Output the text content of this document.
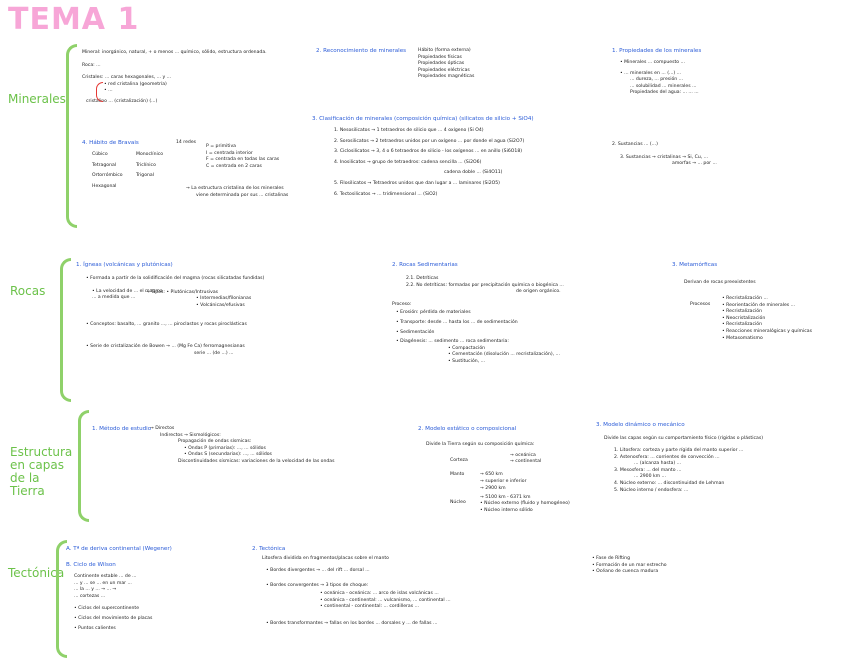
TEMA 1
Minerales
Mineral: inorgánico, natural, + o menos ... químico, sólido, estructura ordenada.
Roca: ...
Cristales: ... caras hexagonales, ... y ...
• red cristalina (geometría)
• ...
cristalino ... (cristalización) (...)
4. Hábito de Bravais
Cúbico
Tetragonal
Ortorrómbico
Hexagonal
Monoclínico
Triclínico
Trigonal
14 redes
P = primitiva
I = centrada interior
F = centrada en todas las caras
C = centrada en 2 caras
→ La estructura cristalina de los minerales
viene determinada por sus ... cristalinas
2. Reconocimiento de minerales	Hábito (forma externa)
Propiedades físicas
Propiedades ópticas
Propiedades eléctricas
Propiedades magnéticas
3. Clasificación de minerales (composición química) (silicatos de silicio + SiO4)
1. Nesosilicatos → 1 tetraedros de silicio que ... 4 oxígeno (Si O4)
2. Sorosilicatos → 2 tetraedros unidos por un oxígeno ... por donde el agua (Si2O7)
3. Ciclosilicatos → 3, 4 o 6 tetraedros de silicio - los oxígenos ... en anillo (Si6O18)
4. Inosilicatos → grupo de tetraedros: cadena sencilla ... (Si2O6)
cadena doble ... (Si4O11)
5. Filosilicatos → Tetraedros unidos que dan lugar a ... laminares (Si2O5)
6. Tectosilicatos → ... tridimensional ... (SiO2)
1. Propiedades de los minerales
• Minerales ... compuesto ...
• ... minerales en ... (...) ...
... dureza, ... presión ...
... solubilidad ... minerales ...
Propiedades del agua: ... ... ...
2. Sustancias ... (...)
3. Sustancias → cristalinas → Si, Cu, ...
amorfas → ... por ...
Rocas
1. Ígneas (volcánicas y plutónicas)
• Formada a partir de la solidificación del magma (rocas silicatadas fundidas)
• La velocidad de ... el magma
... a medida que ...
→ Tipos: • Plutónicas/Intrusivas
• Intermedias/filonianas
• Volcánicas/efusivas
• Conceptos: basalto, ... granito ..., ... piroclastos y rocas piroclásticas
• Serie de cristalización de Bowen → ... (Mg Fe Ca) ferromagnesianas
serie ... (de ...) ...
2. Rocas Sedimentarias
2.1. Detríticas
2.2. No detríticas: formadas por precipitación química o biogénica ...
de origen orgánico.
Proceso:
• Erosión: pérdida de materiales
• Transporte: desde ... hasta los ... de sedimentación
• Sedimentación
• Diagénesis: ... sedimento ... roca sedimentaria:
• Compactación
• Cementación (disolución ... recristalización), ...
• Sustitución, ...
3. Metamórficas
Derivan de rocas preexistentes
Procesos
• Recristalización ...
• Reorientación de minerales ...
• Recristalización
• Neocristalización
• Recristalización
• Reacciones mineralógicas y químicas
• Metasomatismo
Estructura en capas de la Tierra
1. Método de estudio
→ Directos
Indirectos → Sismológicos:
Propagación de ondas sísmicas:
• Ondas P (primarias): ..., ... sólidos
• Ondas S (secundarias): ..., ... sólidos
Discontinuidades sísmicas: variaciones de la velocidad de las ondas
2. Modelo estático o composicional
Divide la Tierra según su composición química:
Corteza
→ oceánica
→ continental
Manto	→ 650 km
→ superior e inferior
→ 2900 km
Núcleo
→ 5100 km - 6371 km
• Núcleo externo (fluido y homogéneo)
• Núcleo interno sólido
3. Modelo dinámico o mecánico
Divide las capas según su comportamiento físico (rígidas o plásticas)
1. Litosfera: corteza y parte rígida del manto superior ...
2. Astenosfera: ... corrientes de convección ...
... (alcanza hasta) ...
3. Mesosfera: ... del manto ...
... 2900 km ...
4. Núcleo externo: ... discontinuidad de Lehman
5. Núcleo interno / endosfera: ...
Tectónica
A. Tª de deriva continental (Wegener)
B. Ciclo de Wilson
Continente estable ... de ...
... y ... se ... en un mar ...
... la ... y ... → ... →
... cortezas ...
• Ciclos del supercontinente
• Ciclos del movimiento de placas
• Puntos calientes
2. Tectónica
Litosfera dividida en fragmentos/placas sobre el manto
• Bordes divergentes → ... del rift ... dorsal ...
• Bordes convergentes → 3 tipos de choque:
• oceánica - oceánica: ... arco de islas volcánicas ...
• oceánica - continental: ... vulcanismo, ... continental ...
• continental - continental: ... cordilleras ...
• Bordes transformantes → fallas en los bordes ... dorsales y ... de fallas ...
• Fase de Rifting
• Formación de un mar estrecho
• Océano de cuenca madura
